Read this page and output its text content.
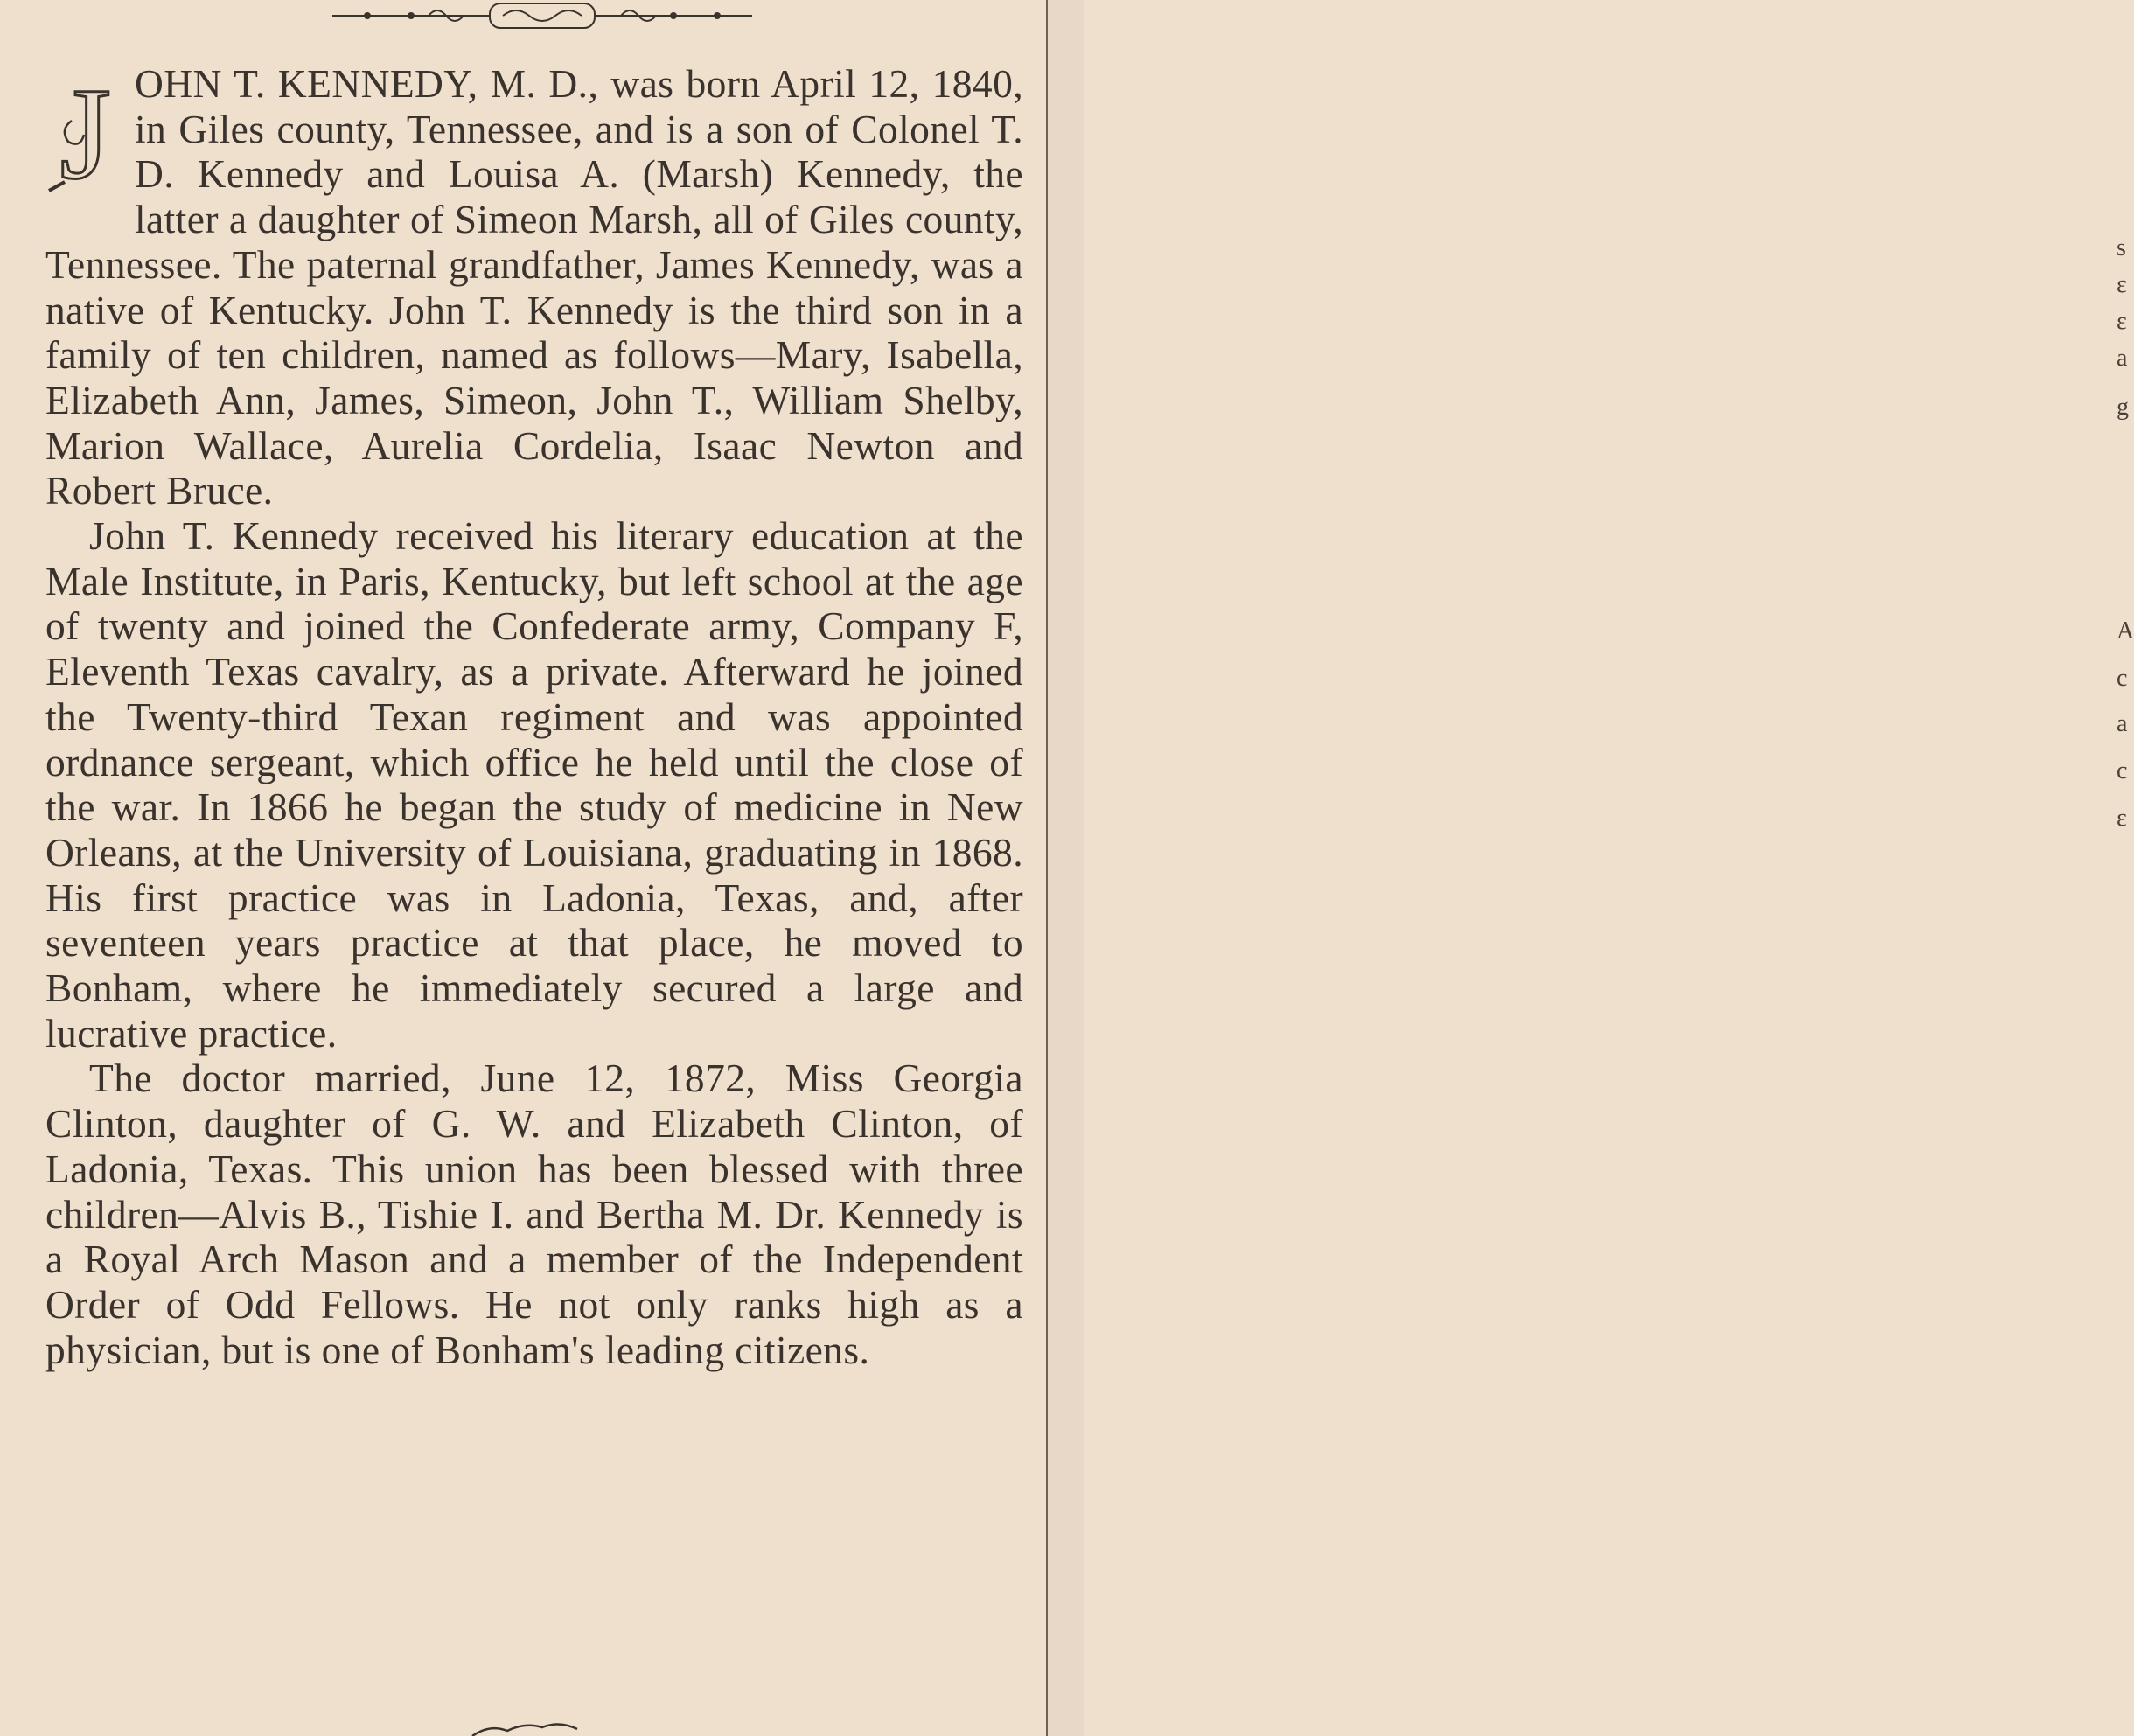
J OHN T. KENNEDY, M. D., was born April 12, 1840, in Giles county, Tennessee, and is a son of Colonel T. D. Kennedy and Louisa A. (Marsh) Kennedy, the latter a daughter of Simeon Marsh, all of Giles county, Tennessee. The paternal grandfather, James Kennedy, was a native of Kentucky. John T. Kennedy is the third son in a family of ten children, named as follows—Mary, Isabella, Elizabeth Ann, James, Simeon, John T., William Shelby, Marion Wallace, Aurelia Cordelia, Isaac Newton and Robert Bruce.

John T. Kennedy received his literary education at the Male Institute, in Paris, Kentucky, but left school at the age of twenty and joined the Confederate army, Company F, Eleventh Texas cavalry, as a private. Afterward he joined the Twenty-third Texan regiment and was appointed ordnance sergeant, which office he held until the close of the war. In 1866 he began the study of medicine in New Orleans, at the University of Louisiana, graduating in 1868. His first practice was in Ladonia, Texas, and, after seventeen years practice at that place, he moved to Bonham, where he immediately secured a large and lucrative practice.

The doctor married, June 12, 1872, Miss Georgia Clinton, daughter of G. W. and Elizabeth Clinton, of Ladonia, Texas. This union has been blessed with three children—Alvis B., Tishie I. and Bertha M. Dr. Kennedy is a Royal Arch Mason and a member of the Independent Order of Odd Fellows. He not only ranks high as a physician, but is one of Bonham's leading citizens.

s
ε
ε
a
g
A
c
a
c
ε
